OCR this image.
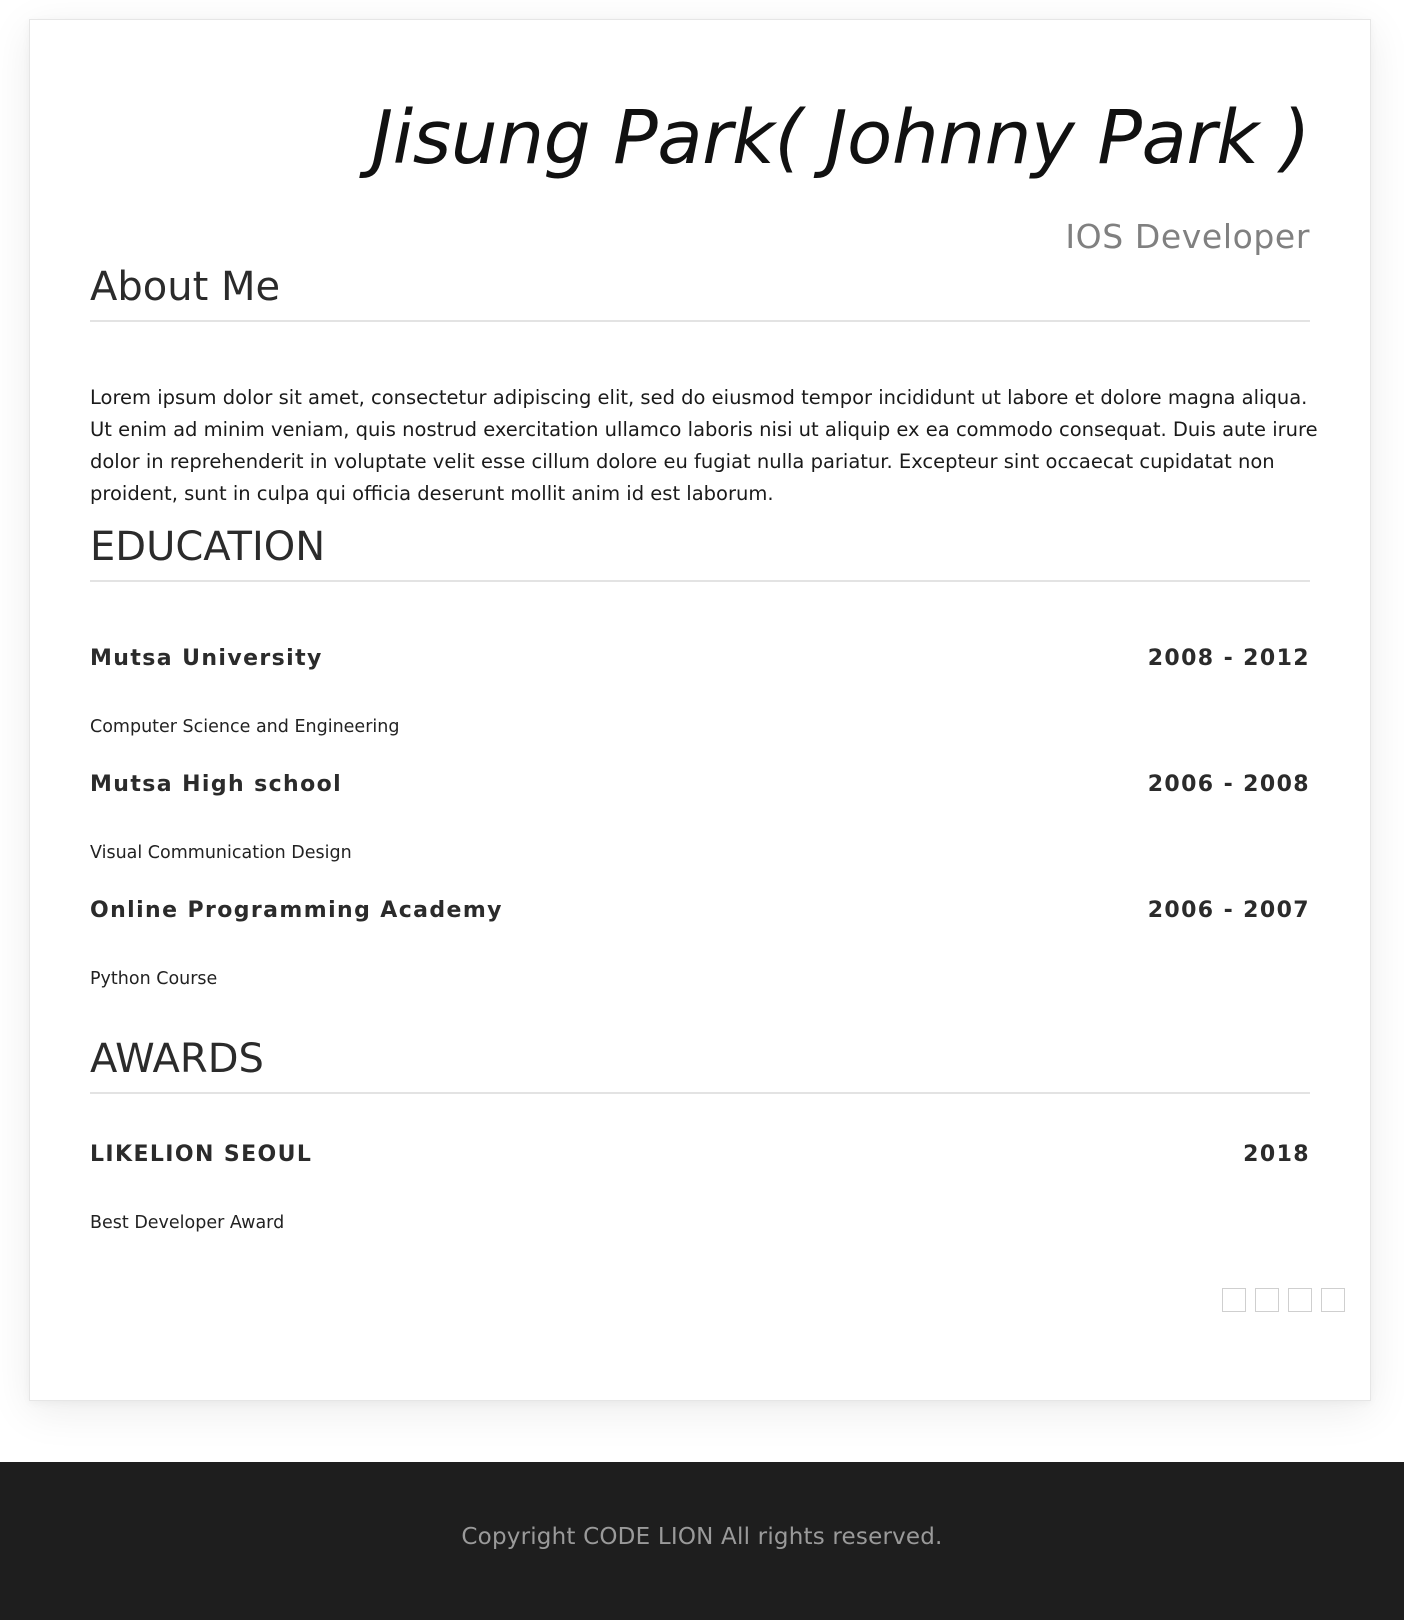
Jisung Park( Johnny Park )
IOS Developer
About Me

Lorem ipsum dolor sit amet, consectetur adipiscing elit, sed do eiusmod tempor incididunt ut labore et dolore magna aliqua. Ut enim ad minim veniam, quis nostrud exercitation ullamco laboris nisi ut aliquip ex ea commodo consequat. Duis aute irure dolor in reprehenderit in voluptate velit esse cillum dolore eu fugiat nulla pariatur. Excepteur sint occaecat cupidatat non proident, sunt in culpa qui officia deserunt mollit anim id est laborum.

EDUCATION
Mutsa University	2008 - 2012
Computer Science and Engineering
Mutsa High school	2006 - 2008
Visual Communication Design
Online Programming Academy	2006 - 2007
Python Course
AWARDS
LIKELION SEOUL	2018
Best Developer Award

Copyright CODE LION All rights reserved.
